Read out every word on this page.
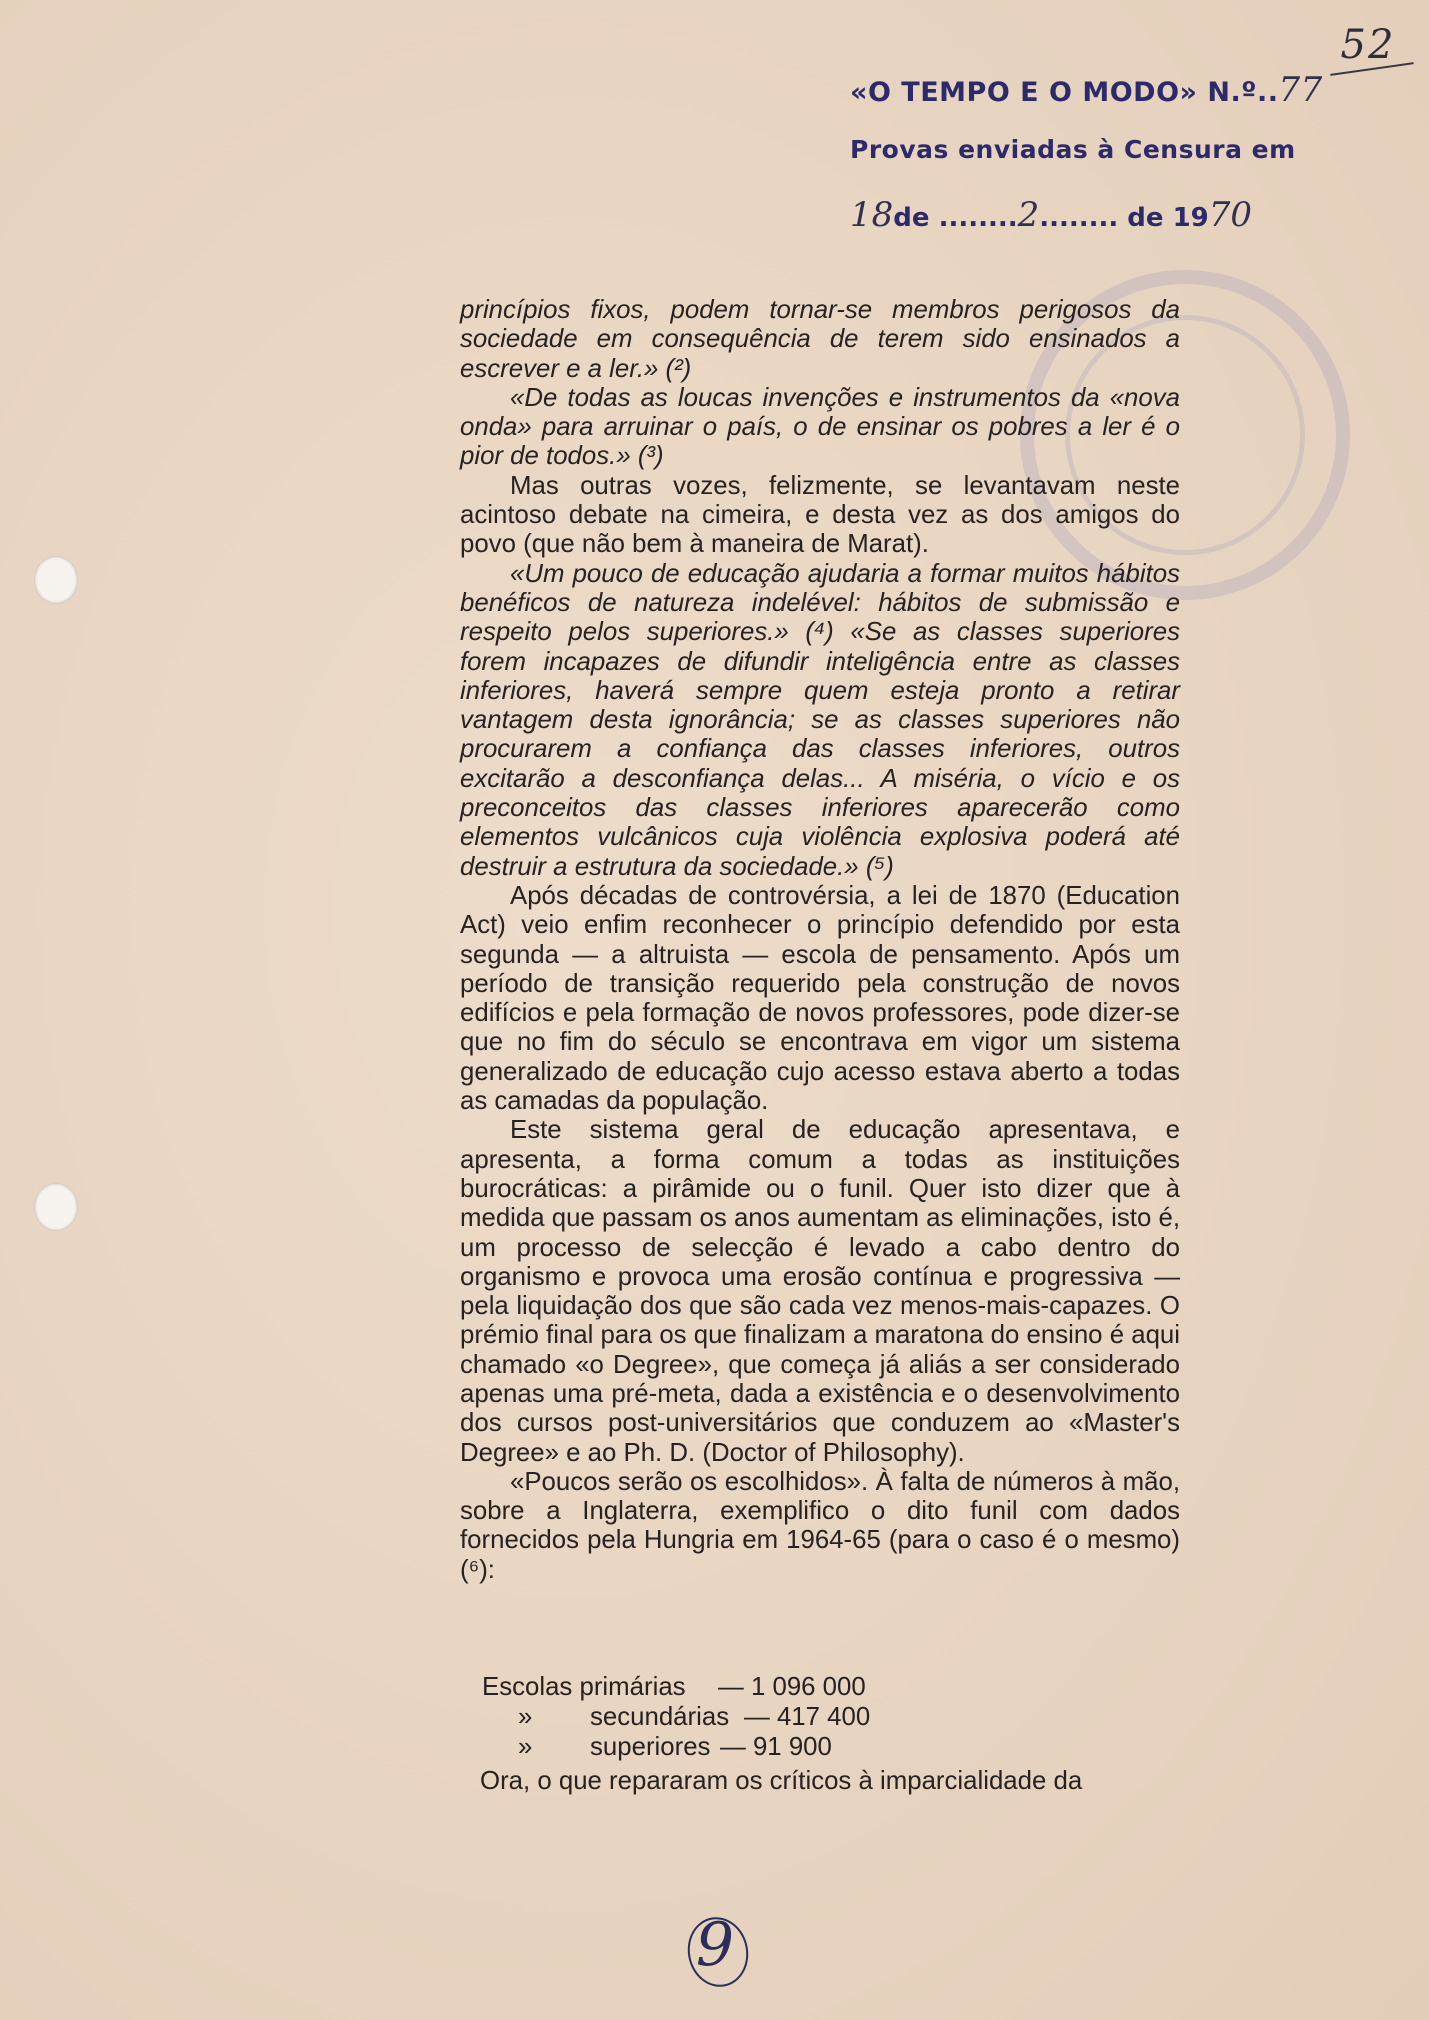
52
«O TEMPO E O MODO» N.º..77
Provas enviadas à Censura em
18de ........2........ de 1970

princípios fixos, podem tornar-se membros perigosos da sociedade em consequência de terem sido ensinados a escrever e a ler.» (²)

«De todas as loucas invenções e instrumentos da «nova onda» para arruinar o país, o de ensinar os pobres a ler é o pior de todos.» (³)

Mas outras vozes, felizmente, se levantavam neste acintoso debate na cimeira, e desta vez as dos amigos do povo (que não bem à maneira de Marat).

«Um pouco de educação ajudaria a formar muitos hábitos benéficos de natureza indelével: hábitos de submissão e respeito pelos superiores.» (⁴) «Se as classes superiores forem incapazes de difundir inteligência entre as classes inferiores, haverá sempre quem esteja pronto a retirar vantagem desta ignorância; se as classes superiores não procurarem a confiança das classes inferiores, outros excitarão a desconfiança delas... A miséria, o vício e os preconceitos das classes inferiores aparecerão como elementos vulcânicos cuja violência explosiva poderá até destruir a estrutura da sociedade.» (⁵)

Após décadas de controvérsia, a lei de 1870 (Education Act) veio enfim reconhecer o princípio defendido por esta segunda — a altruista — escola de pensamento. Após um período de transição requerido pela construção de novos edifícios e pela formação de novos professores, pode dizer-se que no fim do século se encontrava em vigor um sistema generalizado de educação cujo acesso estava aberto a todas as camadas da população.

Este sistema geral de educação apresentava, e apresenta, a forma comum a todas as instituições burocráticas: a pirâmide ou o funil. Quer isto dizer que à medida que passam os anos aumentam as eliminações, isto é, um processo de selecção é levado a cabo dentro do organismo e provoca uma erosão contínua e progressiva — pela liquidação dos que são cada vez menos-mais-capazes. O prémio final para os que finalizam a maratona do ensino é aqui chamado «o Degree», que começa já aliás a ser considerado apenas uma pré-meta, dada a existência e o desenvolvimento dos cursos post-universitários que conduzem ao «Master's Degree» e ao Ph. D. (Doctor of Philosophy).

«Poucos serão os escolhidos». À falta de números à mão, sobre a Inglaterra, exemplifico o dito funil com dados fornecidos pela Hungria em 1964-65 (para o caso é o mesmo) (⁶):

Escolas primárias — 1 096 000
» secundárias — 417 400
» superiores — 91 900
Ora, o que repararam os críticos à imparcialidade da
9
